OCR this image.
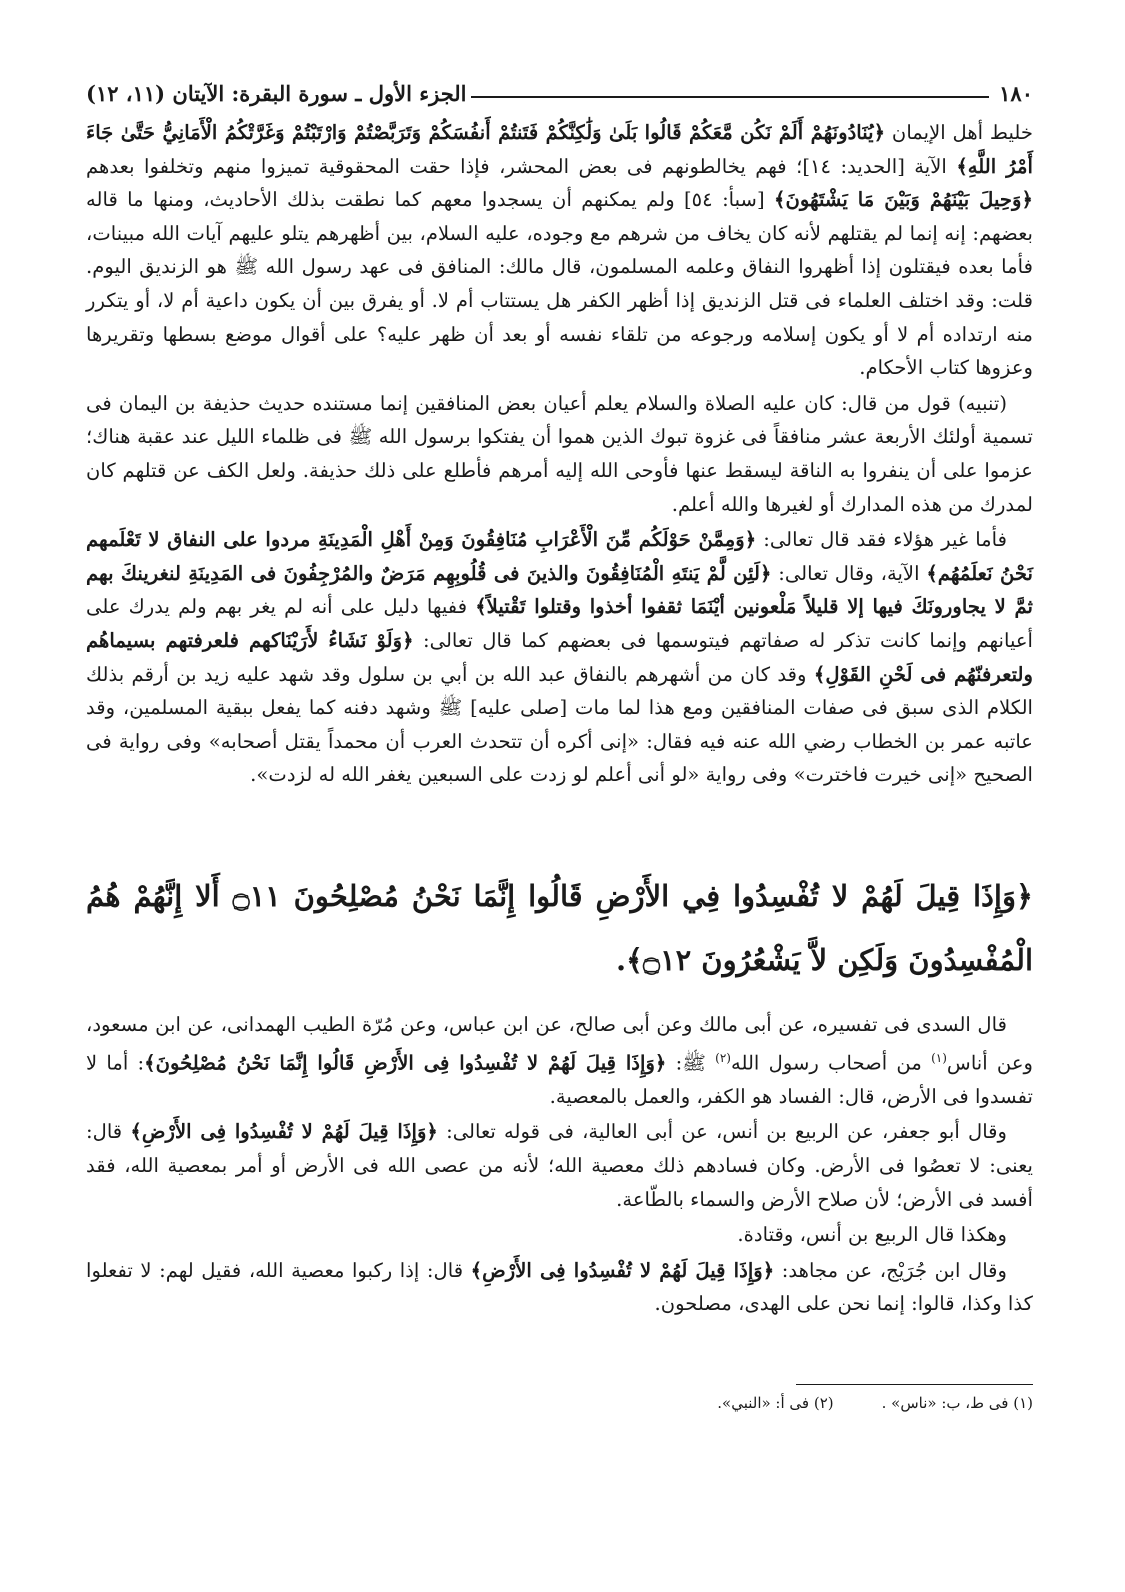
١٨٠
الجزء الأول ـ سورة البقرة: الآيتان (١١، ١٢)

خليط أهل الإيمان ﴿يُنَادُونَهُمْ أَلَمْ نَكُن مَّعَكُمْ قَالُوا بَلَىٰ وَلَٰكِنَّكُمْ فَتَنتُمْ أَنفُسَكُمْ وَتَرَبَّصْتُمْ وَارْتَبْتُمْ وَغَرَّتْكُمُ الْأَمَانِيُّ حَتَّىٰ جَاءَ أَمْرُ اللَّهِ﴾ الآية [الحديد: ١٤]؛ فهم يخالطونهم فى بعض المحشر، فإذا حقت المحقوقية تميزوا منهم وتخلفوا بعدهم ﴿وَحِيلَ بَيْنَهُمْ وَبَيْنَ مَا يَشْتَهُونَ﴾ [سبأ: ٥٤] ولم يمكنهم أن يسجدوا معهم كما نطقت بذلك الأحاديث، ومنها ما قاله بعضهم: إنه إنما لم يقتلهم لأنه كان يخاف من شرهم مع وجوده، عليه السلام، بين أظهرهم يتلو عليهم آيات الله مبينات، فأما بعده فيقتلون إذا أظهروا النفاق وعلمه المسلمون، قال مالك: المنافق فى عهد رسول الله ﷺ هو الزنديق اليوم. قلت: وقد اختلف العلماء فى قتل الزنديق إذا أظهر الكفر هل يستتاب أم لا. أو يفرق بين أن يكون داعية أم لا، أو يتكرر منه ارتداده أم لا أو يكون إسلامه ورجوعه من تلقاء نفسه أو بعد أن ظهر عليه؟ على أقوال موضع بسطها وتقريرها وعزوها كتاب الأحكام.

(تنبيه) قول من قال: كان عليه الصلاة والسلام يعلم أعيان بعض المنافقين إنما مستنده حديث حذيفة بن اليمان فى تسمية أولئك الأربعة عشر منافقاً فى غزوة تبوك الذين هموا أن يفتكوا برسول الله ﷺ فى ظلماء الليل عند عقبة هناك؛ عزموا على أن ينفروا به الناقة ليسقط عنها فأوحى الله إليه أمرهم فأطلع على ذلك حذيفة. ولعل الكف عن قتلهم كان لمدرك من هذه المدارك أو لغيرها والله أعلم.

فأما غير هؤلاء فقد قال تعالى: ﴿وَمِمَّنْ حَوْلَكُم مِّنَ الْأَعْرَابِ مُنَافِقُونَ وَمِنْ أَهْلِ الْمَدِينَةِ مردوا على النفاق لا تَعْلَمهم نَحْنُ نَعلَمُهُم﴾ الآية، وقال تعالى: ﴿لَئِن لَّمْ يَنتَهِ الْمُنَافِقُونَ والذينَ فى قُلُوبِهِم مَرَضٌ والمُرْجِفُونَ فى المَدِينَةِ لنغرينكَ بهم ثمَّ لا يجاورونَكَ فيها إلا قليلاً مَلْعونين أيْنَمَا ثقفوا أخذوا وقتلوا تَقْتيلاً﴾ ففيها دليل على أنه لم يغر بهم ولم يدرك على أعيانهم وإنما كانت تذكر له صفاتهم فيتوسمها فى بعضهم كما قال تعالى: ﴿وَلَوْ نَشَاءُ لأَرَيْنَاكهم فلعرفتهم بسيماهُم ولتعرفنّهُم فى لَحْنِ القَوْلِ﴾ وقد كان من أشهرهم بالنفاق عبد الله بن أبي بن سلول وقد شهد عليه زيد بن أرقم بذلك الكلام الذى سبق فى صفات المنافقين ومع هذا لما مات [صلى عليه] ﷺ وشهد دفنه كما يفعل ببقية المسلمين، وقد عاتبه عمر بن الخطاب رضي الله عنه فيه فقال: «إنى أكره أن تتحدث العرب أن محمداً يقتل أصحابه» وفى رواية فى الصحيح «إنى خيرت فاخترت» وفى رواية «لو أنى أعلم لو زدت على السبعين يغفر الله له لزدت».

﴿وَإِذَا قِيلَ لَهُمْ لا تُفْسِدُوا فِي الأَرْضِ قَالُوا إِنَّمَا نَحْنُ مُصْلِحُونَ ۝١١ أَلا إِنَّهُمْ هُمُ الْمُفْسِدُونَ وَلَكِن لاَّ يَشْعُرُونَ ۝١٢﴾.

قال السدى فى تفسيره، عن أبى مالك وعن أبى صالح، عن ابن عباس، وعن مُرّة الطيب الهمدانى، عن ابن مسعود، وعن أناس$^{(١)}$ من أصحاب رسول الله$^{(٢)}$ ﷺ: ﴿وَإِذَا قِيلَ لَهُمْ لا تُفْسِدُوا فِى الأَرْضِ قَالُوا إِنَّمَا نَحْنُ مُصْلِحُونَ﴾: أما لا تفسدوا فى الأرض، قال: الفساد هو الكفر، والعمل بالمعصية.

وقال أبو جعفر، عن الربيع بن أنس، عن أبى العالية، فى قوله تعالى: ﴿وَإِذَا قِيلَ لَهُمْ لا تُفْسِدُوا فِى الأَرْضِ﴾ قال: يعنى: لا تعصُوا فى الأرض. وكان فسادهم ذلك معصية الله؛ لأنه من عصى الله فى الأرض أو أمر بمعصية الله، فقد أفسد فى الأرض؛ لأن صلاح الأرض والسماء بالطّاعة.

وهكذا قال الربيع بن أنس، وقتادة.

وقال ابن جُرَيْج، عن مجاهد: ﴿وَإِذَا قِيلَ لَهُمْ لا تُفْسِدُوا فِى الأَرْضِ﴾ قال: إذا ركبوا معصية الله، فقيل لهم: لا تفعلوا كذا وكذا، قالوا: إنما نحن على الهدى، مصلحون.

(١) فى ط، ب: «ناس» .
(٢) فى أ: «النبي».
